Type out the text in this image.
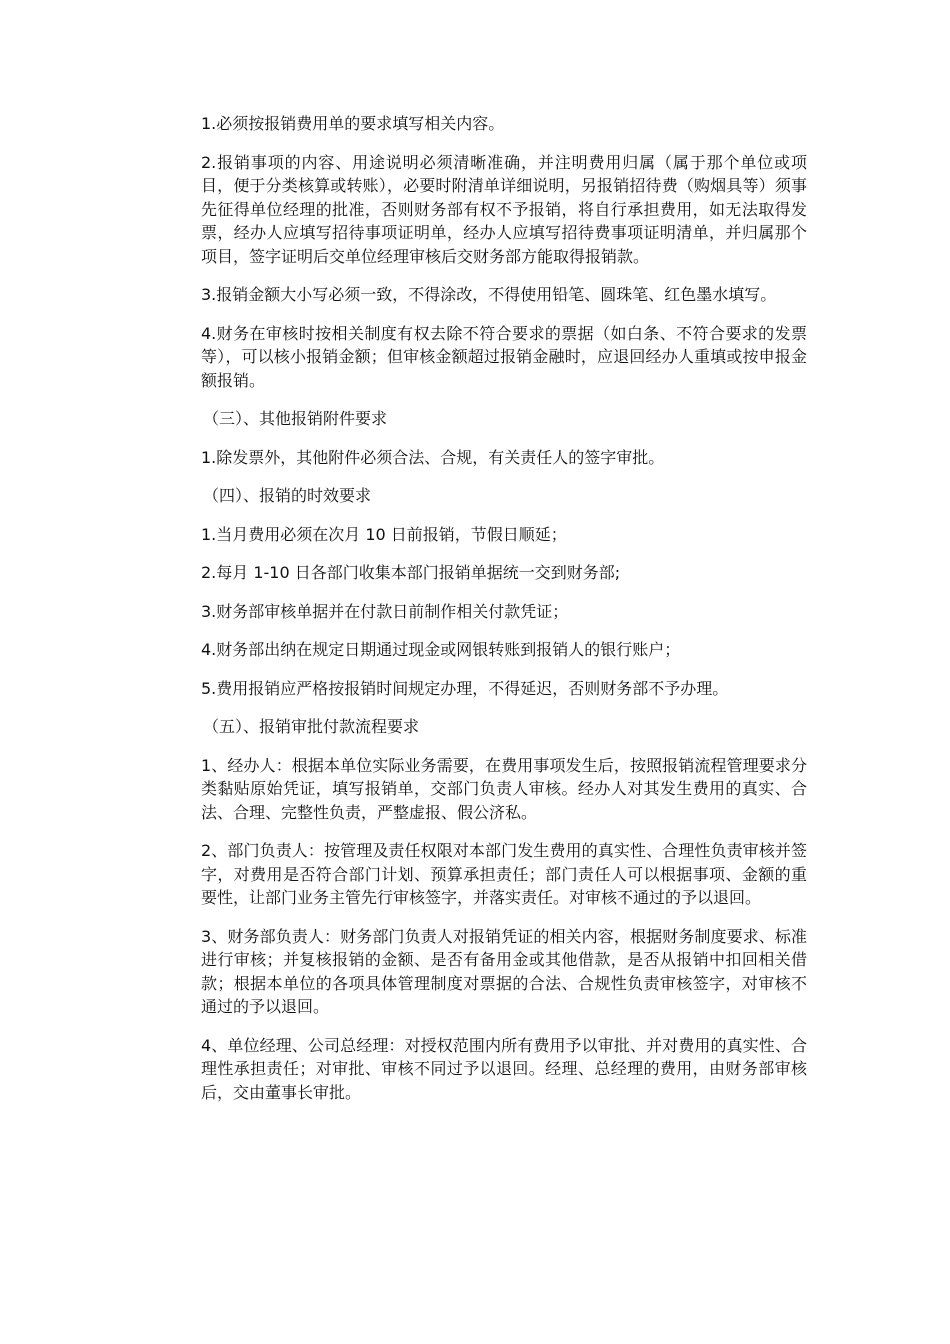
1.必须按报销费用单的要求填写相关内容。

2.报销事项的内容、用途说明必须清晰准确，并注明费用归属（属于那个单位或项目，便于分类核算或转账），必要时附清单详细说明，另报销招待费（购烟具等）须事先征得单位经理的批准，否则财务部有权不予报销，将自行承担费用，如无法取得发票，经办人应填写招待事项证明单，经办人应填写招待费事项证明清单，并归属那个项目，签字证明后交单位经理审核后交财务部方能取得报销款。

3.报销金额大小写必须一致，不得涂改，不得使用铅笔、圆珠笔、红色墨水填写。

4.财务在审核时按相关制度有权去除不符合要求的票据（如白条、不符合要求的发票等），可以核小报销金额；但审核金额超过报销金融时，应退回经办人重填或按申报金额报销。

（三）、其他报销附件要求

1.除发票外，其他附件必须合法、合规，有关责任人的签字审批。

（四）、报销的时效要求

1.当月费用必须在次月 10 日前报销，节假日顺延；

2.每月 1-10 日各部门收集本部门报销单据统一交到财务部;

3.财务部审核单据并在付款日前制作相关付款凭证；

4.财务部出纳在规定日期通过现金或网银转账到报销人的银行账户；

5.费用报销应严格按报销时间规定办理，不得延迟，否则财务部不予办理。

（五）、报销审批付款流程要求

1、经办人：根据本单位实际业务需要，在费用事项发生后，按照报销流程管理要求分类黏贴原始凭证，填写报销单，交部门负责人审核。经办人对其发生费用的真实、合法、合理、完整性负责，严整虚报、假公济私。

2、部门负责人：按管理及责任权限对本部门发生费用的真实性、合理性负责审核并签字，对费用是否符合部门计划、预算承担责任；部门责任人可以根据事项、金额的重要性，让部门业务主管先行审核签字，并落实责任。对审核不通过的予以退回。

3、财务部负责人：财务部门负责人对报销凭证的相关内容，根据财务制度要求、标准进行审核；并复核报销的金额、是否有备用金或其他借款，是否从报销中扣回相关借款；根据本单位的各项具体管理制度对票据的合法、合规性负责审核签字，对审核不通过的予以退回。

4、单位经理、公司总经理：对授权范围内所有费用予以审批、并对费用的真实性、合理性承担责任；对审批、审核不同过予以退回。经理、总经理的费用，由财务部审核后，交由董事长审批。
